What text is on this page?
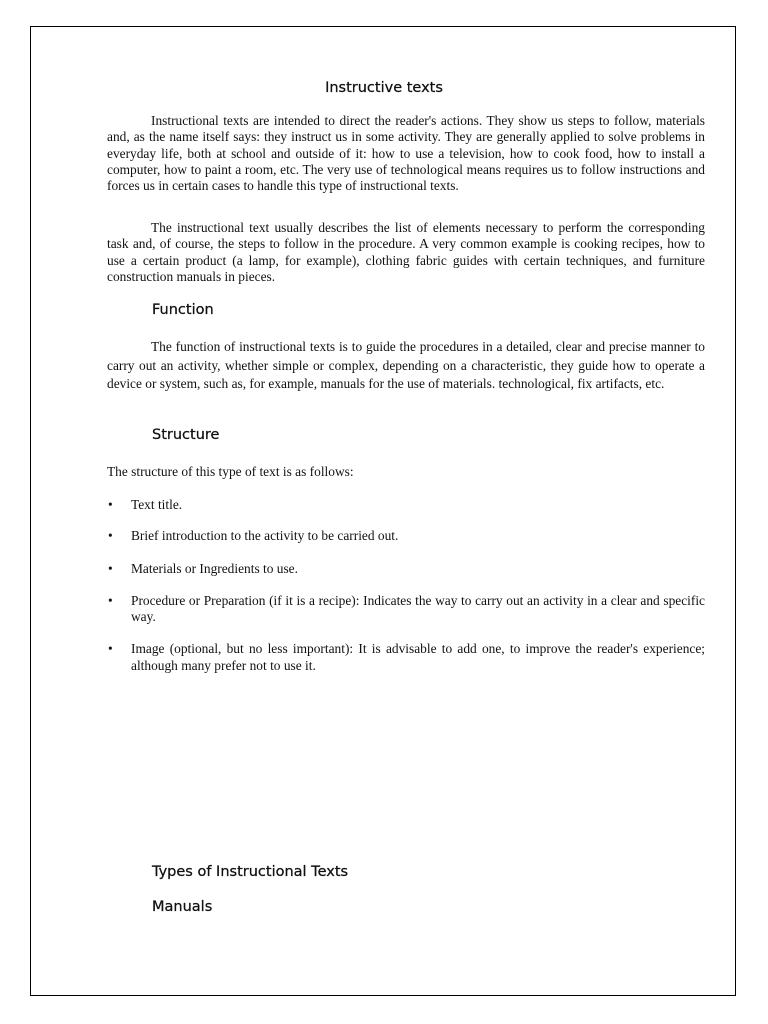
Instructive texts

Instructional texts are intended to direct the reader's actions. They show us steps to follow, materials and, as the name itself says: they instruct us in some activity. They are generally applied to solve problems in everyday life, both at school and outside of it: how to use a television, how to cook food, how to install a computer, how to paint a room, etc. The very use of technological means requires us to follow instructions and forces us in certain cases to handle this type of instructional texts.

The instructional text usually describes the list of elements necessary to perform the corresponding task and, of course, the steps to follow in the procedure. A very common example is cooking recipes, how to use a certain product (a lamp, for example), clothing fabric guides with certain techniques, and furniture construction manuals in pieces.

Function

The function of instructional texts is to guide the procedures in a detailed, clear and precise manner to carry out an activity, whether simple or complex, depending on a characteristic, they guide how to operate a device or system, such as, for example, manuals for the use of materials. technological, fix artifacts, etc.

Structure

The structure of this type of text is as follows:

• Text title.
• Brief introduction to the activity to be carried out.
• Materials or Ingredients to use.
• Procedure or Preparation (if it is a recipe): Indicates the way to carry out an activity in a clear and specific way.
• Image (optional, but no less important): It is advisable to add one, to improve the reader's experience; although many prefer not to use it.
Types of Instructional Texts
Manuals
